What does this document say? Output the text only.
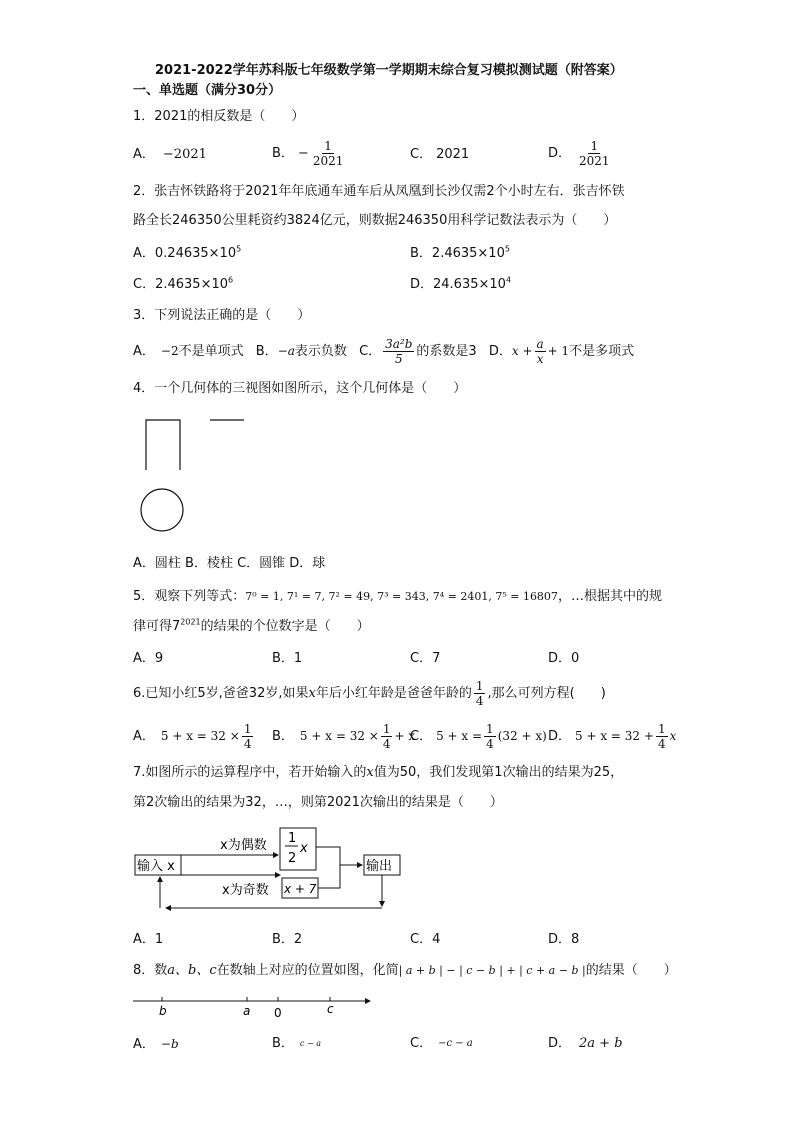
2021-2022学年苏科版七年级数学第一学期期末综合复习模拟测试题（附答案）
一、单选题（满分30分）
1．2021的相反数是（　　）
A． −2021	B． − $\frac{1}{2021}$	C． 2021	D． $\frac{1}{2021}$
2．张吉怀铁路将于2021年年底通车通车后从凤凰到长沙仅需2个小时左右．张吉怀铁
路全长246350公里耗资约3824亿元，则数据246350用科学记数法表示为（　　）
A．$0.24635\times 10^5$	B．$2.4635\times 10^5$
C．$2.4635\times 10^6$	D．$24.635\times 10^4$
3．下列说法正确的是（　　）
A． −2不是单项式 B．−a表示负数 C． $\frac{\text{3a²b}}{5}$ 的系数是3 D．$x + \frac{a}{x} + 1$不是多项式
4．一个几何体的三视图如图所示，这个几何体是（　　）
A．圆柱 B．棱柱 C．圆锥 D．球
5．观察下列等式：7⁰ = 1, 7¹ = 7, 7² = 49, 7³ = 343, 7⁴ = 2401, 7⁵ = 16807，…根据其中的规
律可得$7^{2021}$的结果的个位数字是（　　）
A．9	B．1	C．7	D．0
6.已知小红5岁,爸爸32岁,如果x年后小红年龄是爸爸年龄的 $\frac{1}{4}$ ,那么可列方程(　　)
A． $5 + x = 32 \times \frac{1}{4}$ B． $5 + x = 32 \times \frac{1}{4} + x$
C． $5 + x = \frac{1}{4} (32 + x)$ D． $5 + x = 32 + \frac{1}{4}$ x
7.如图所示的运算程序中，若开始输入的x值为50，我们发现第1次输出的结果为25，
第2次输出的结果为32，…，则第2021次输出的结果是（　　）
输入 x
x为偶数
x为奇数
1
2
x
x + 7
输出
A．1	B．2	C．4	D．8
8．数a、b、c在数轴上对应的位置如图，化简| a + b | − | c − b | + | c + a − b |的结果（　　）
b	a 0	c
A． −b	B． $^{c - a}$	C． $^{-c - a}$	D． 2a + b
